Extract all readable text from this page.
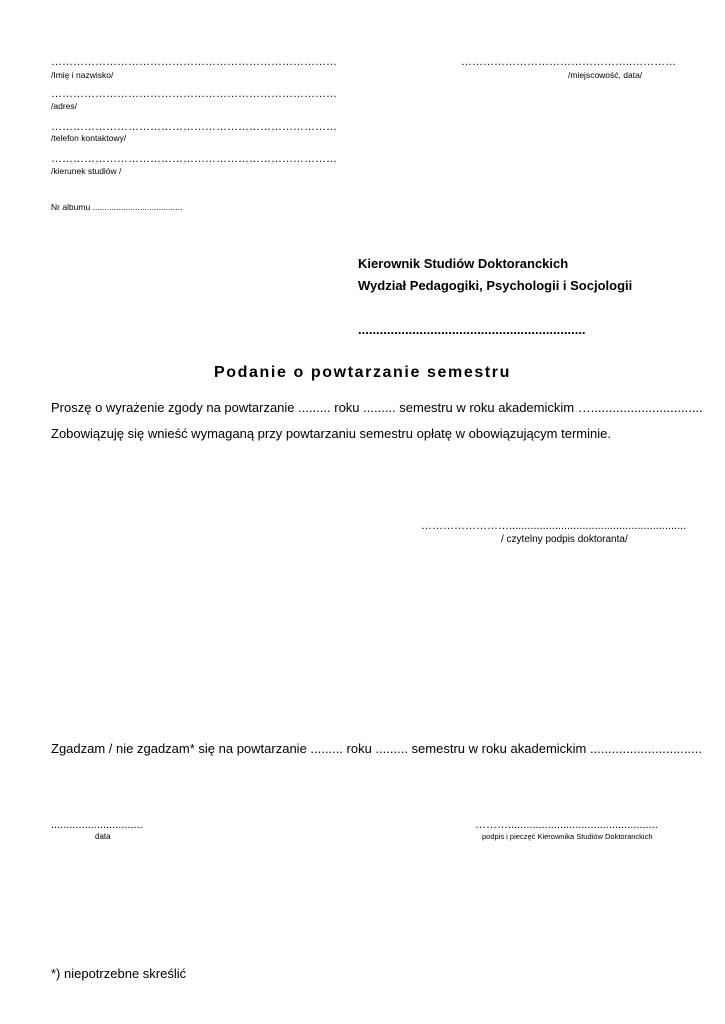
……………………………………………………………………
/Imię i nazwisko/
……………………………………………………………………
/adres/
……………………………………………………………………
/telefon kontaktowy/
……………………………………………………………………
/kierunek studiów /
Nr albumu ......................................
………………………………………..…………
/miejscowość, data/
Kierownik Studiów Doktoranckich
Wydział Pedagogiki, Psychologii i Socjologii
...............................................................
Podanie o powtarzanie semestru
Proszę o wyrażenie zgody na powtarzanie ......... roku ......... semestru w roku akademickim …...............................
Zobowiązuję się wnieść wymaganą przy powtarzaniu semestru opłatę w obowiązującym terminie.
……………………..........................................................
/ czytelny podpis doktoranta/
Zgadzam / nie zgadzam* się na powtarzanie ......... roku ......... semestru w roku akademickim ...............................
..............................
data
……….................................................
podpis i pieczęć Kierownika Studiów Doktoranckich
*) niepotrzebne skreślić
